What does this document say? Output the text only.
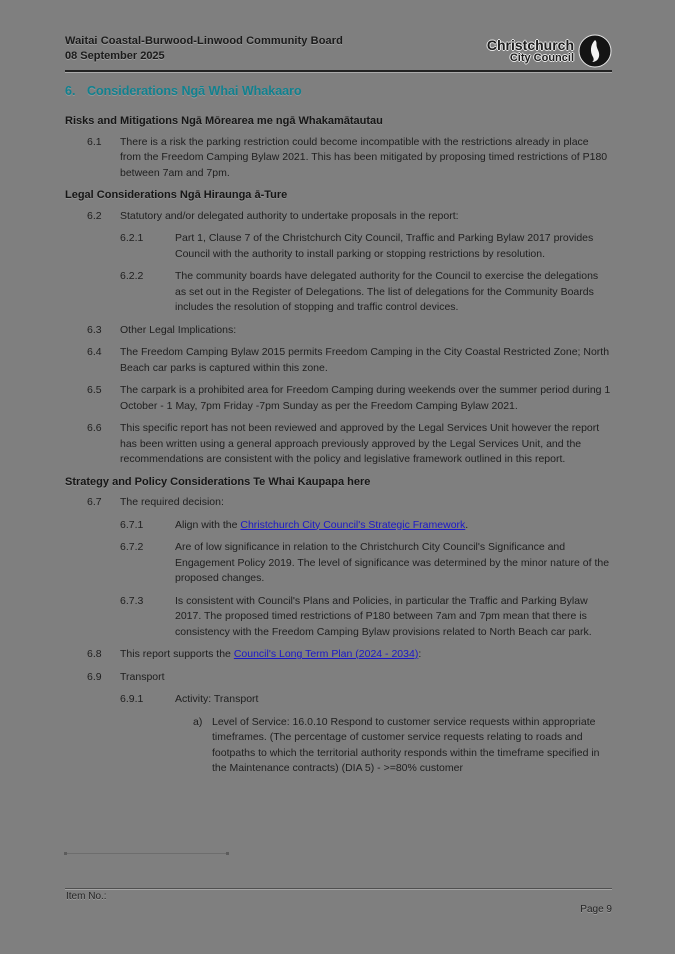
Waitai Coastal-Burwood-Linwood Community Board
08 September 2025
Christchurch
City Council
6. Considerations Ngā Whai Whakaaro
Risks and Mitigations Ngā Mōrearea me ngā Whakamātautau
6.1	There is a risk the parking restriction could become incompatible with the restrictions already in place from the Freedom Camping Bylaw 2021. This has been mitigated by proposing timed restrictions of P180 between 7am and 7pm.
Legal Considerations Ngā Hiraunga ā-Ture
6.2	Statutory and/or delegated authority to undertake proposals in the report:
6.2.1	Part 1, Clause 7 of the Christchurch City Council, Traffic and Parking Bylaw 2017 provides Council with the authority to install parking or stopping restrictions by resolution.
6.2.2	The community boards have delegated authority for the Council to exercise the delegations as set out in the Register of Delegations. The list of delegations for the Community Boards includes the resolution of stopping and traffic control devices.
6.3	Other Legal Implications:
6.4	The Freedom Camping Bylaw 2015 permits Freedom Camping in the City Coastal Restricted Zone; North Beach car parks is captured within this zone.
6.5	The carpark is a prohibited area for Freedom Camping during weekends over the summer period during 1 October - 1 May, 7pm Friday -7pm Sunday as per the Freedom Camping Bylaw 2021.
6.6	This specific report has not been reviewed and approved by the Legal Services Unit however the report has been written using a general approach previously approved by the Legal Services Unit, and the recommendations are consistent with the policy and legislative framework outlined in this report.
Strategy and Policy Considerations Te Whai Kaupapa here
6.7	The required decision:
6.7.1	Align with the Christchurch City Council's Strategic Framework.
6.7.2	Are of low significance in relation to the Christchurch City Council's Significance and Engagement Policy 2019. The level of significance was determined by the minor nature of the proposed changes.
6.7.3	Is consistent with Council's Plans and Policies, in particular the Traffic and Parking Bylaw 2017. The proposed timed restrictions of P180 between 7am and 7pm mean that there is consistency with the Freedom Camping Bylaw provisions related to North Beach car park.
6.8	This report supports the Council's Long Term Plan (2024 - 2034):
6.9	Transport
6.9.1	Activity: Transport
a) Level of Service: 16.0.10 Respond to customer service requests within appropriate timeframes. (The percentage of customer service requests relating to roads and footpaths to which the territorial authority responds within the timeframe specified in the Maintenance contracts) (DIA 5) - >=80% customer
Item No.:
Page 9
